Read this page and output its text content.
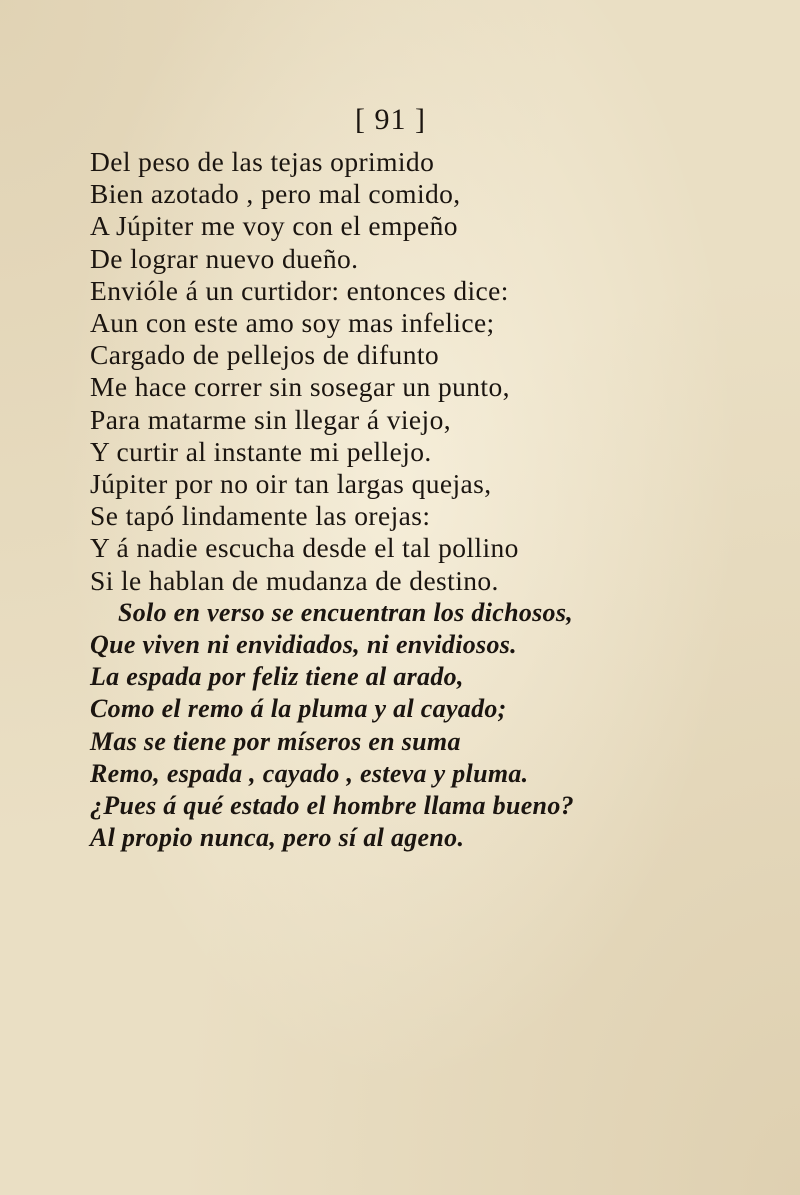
[ 91 ]
Del peso de las tejas oprimido
Bien azotado , pero mal comido,
A Júpiter me voy con el empeño
De lograr nuevo dueño.
Envióle á un curtidor: entonces dice:
Aun con este amo soy mas infelice;
Cargado de pellejos de difunto
Me hace correr sin sosegar un punto,
Para matarme sin llegar á viejo,
Y curtir al instante mi pellejo.
Júpiter por no oir tan largas quejas,
Se tapó lindamente las orejas:
Y á nadie escucha desde el tal pollino
Si le hablan de mudanza de destino.
Solo en verso se encuentran los dichosos,
Que viven ni envidiados, ni envidiosos.
La espada por feliz tiene al arado,
Como el remo á la pluma y al cayado;
Mas se tiene por míseros en suma
Remo, espada , cayado , esteva y pluma.
¿Pues á qué estado el hombre llama bueno?
Al propio nunca, pero sí al ageno.
